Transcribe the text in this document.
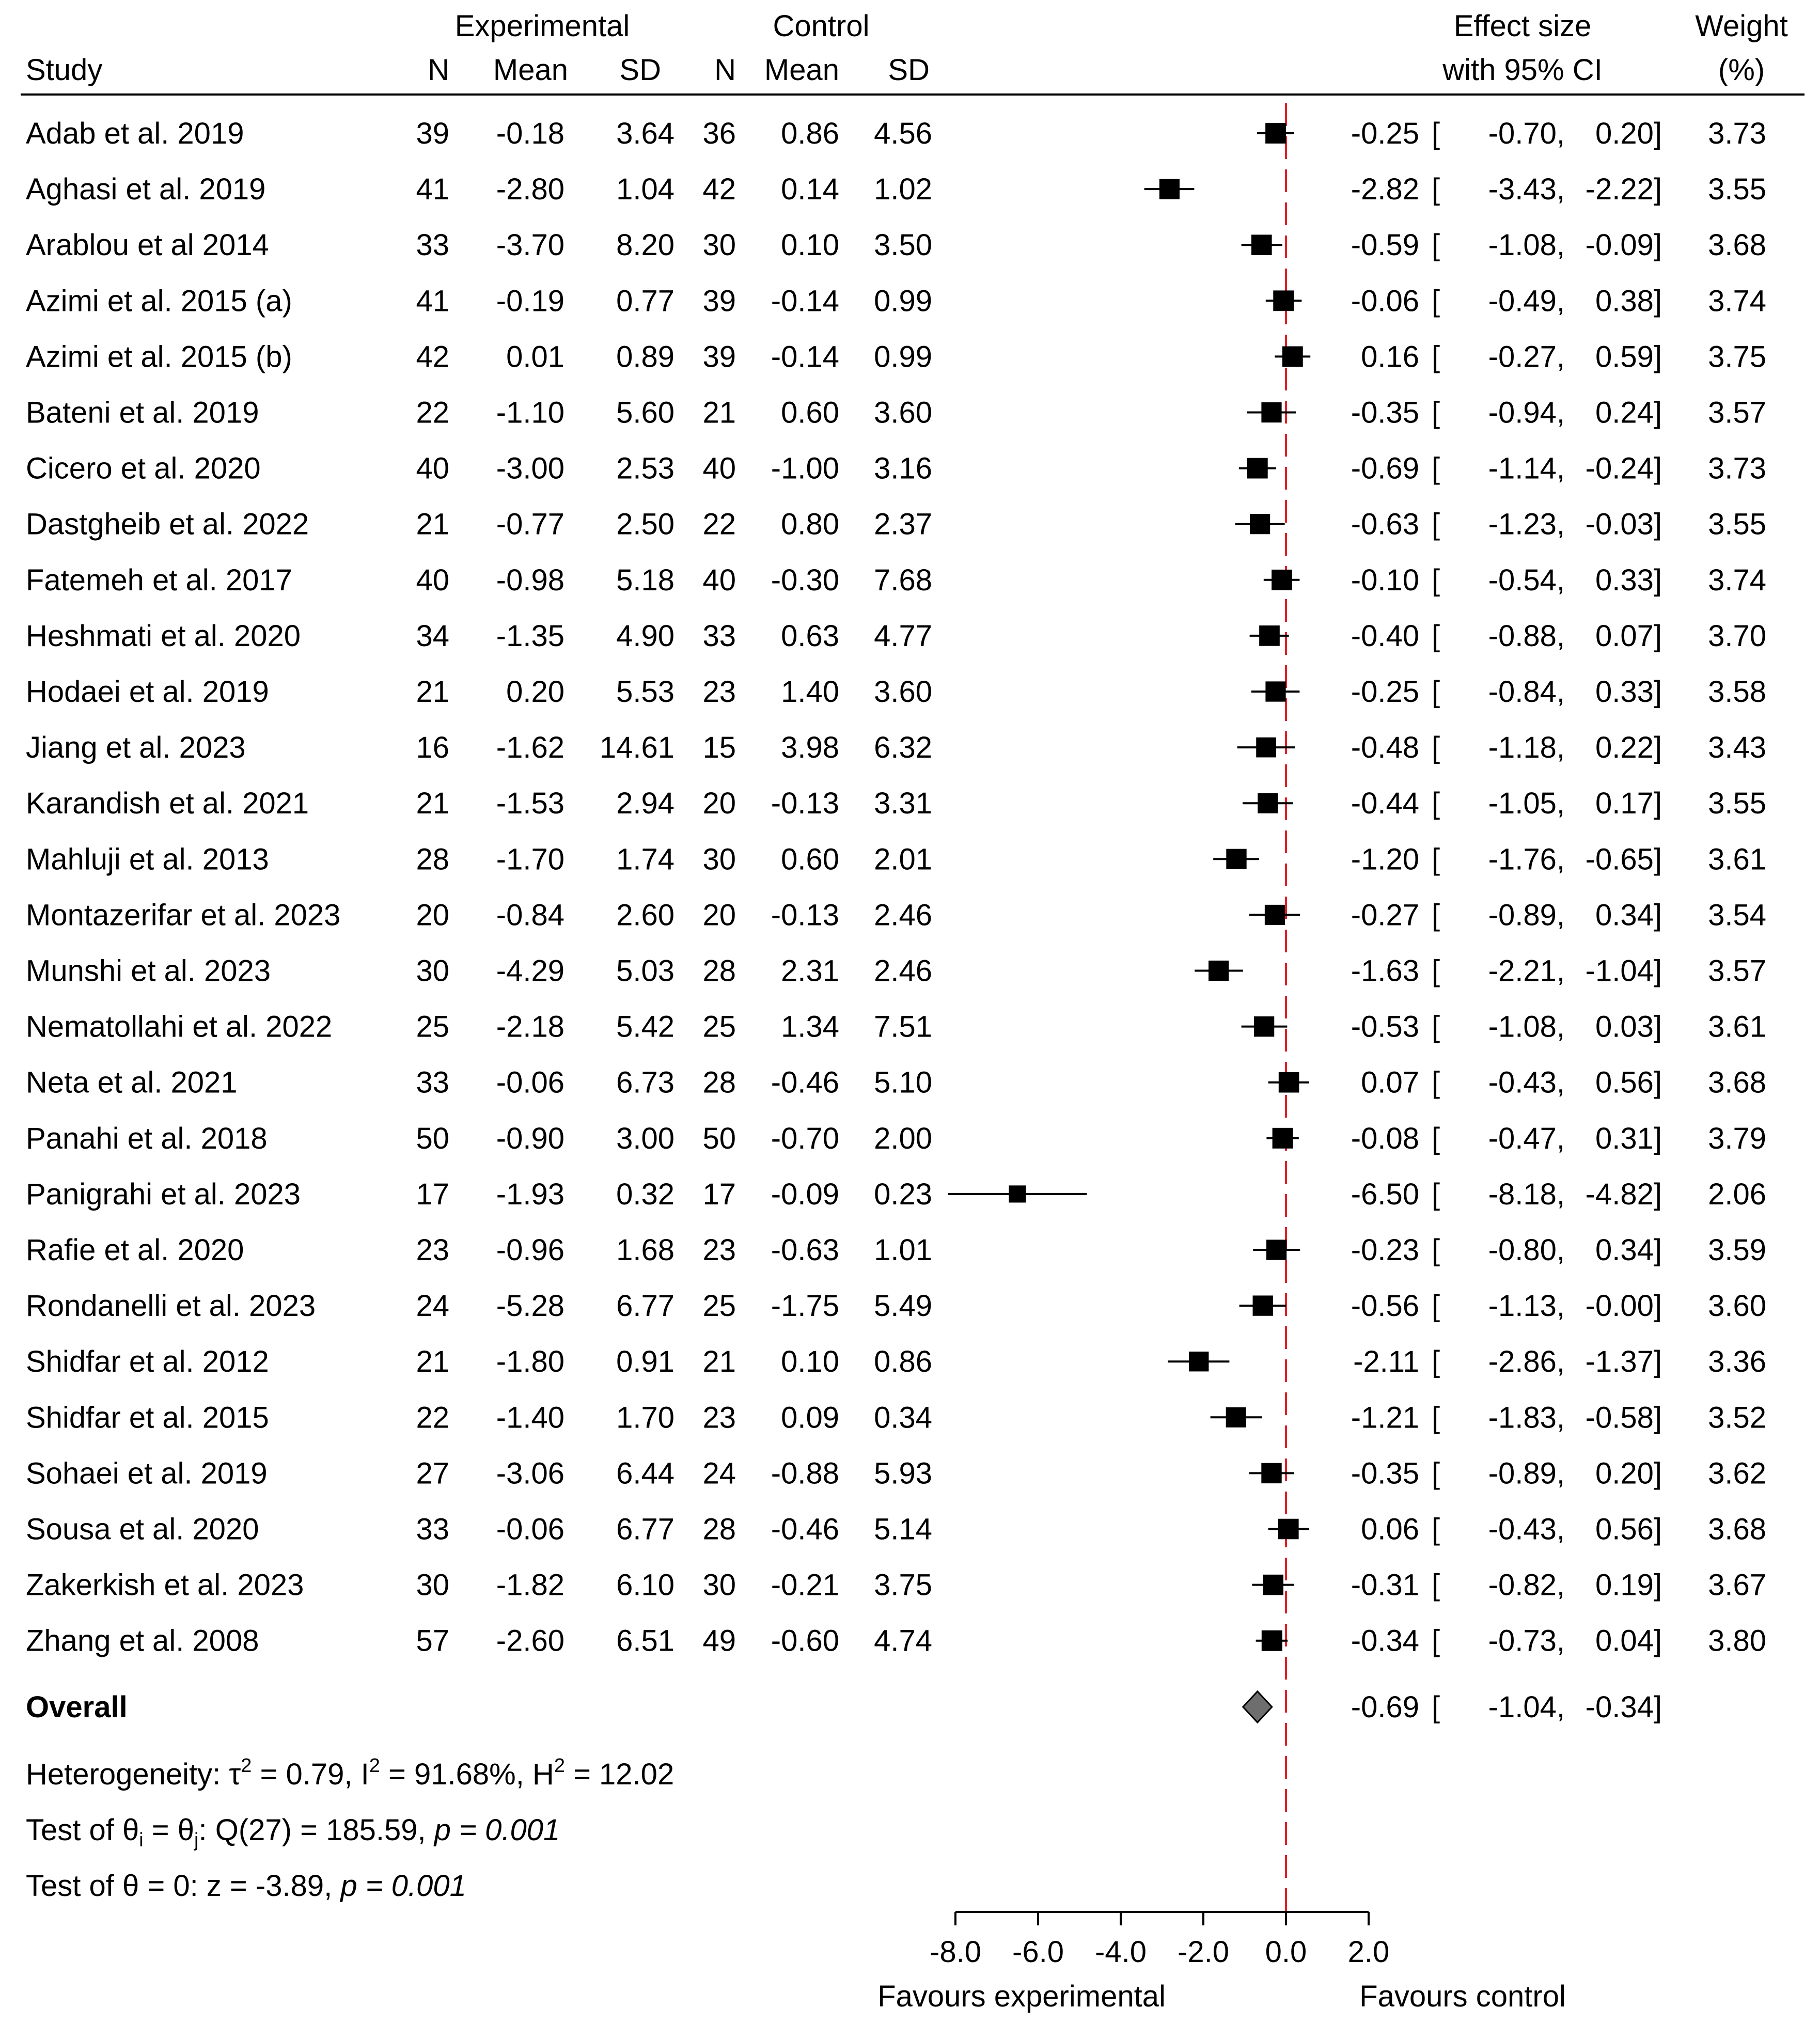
Experimental	Control	Effect size	Weight
Study	N Mean SD N Mean SD	with 95% CI	(%)
Adab et al. 2019	39 -0.18 3.64 36 0.86 4.56	-0.25 [ -0.70, 0.20] 3.73
Aghasi et al. 2019	41 -2.80 1.04 42 0.14 1.02	-2.82 [ -3.43, -2.22] 3.55
Arablou et al 2014	33 -3.70 8.20 30 0.10 3.50	-0.59 [ -1.08, -0.09] 3.68
Azimi et al. 2015 (a)	41 -0.19 0.77 39 -0.14 0.99	-0.06 [ -0.49, 0.38] 3.74
Azimi et al. 2015 (b)	42 0.01 0.89 39 -0.14 0.99	0.16 [ -0.27, 0.59] 3.75
Bateni et al. 2019	22 -1.10 5.60 21 0.60 3.60	-0.35 [ -0.94, 0.24] 3.57
Cicero et al. 2020	40 -3.00 2.53 40 -1.00 3.16	-0.69 [ -1.14, -0.24] 3.73
Dastgheib et al. 2022	21 -0.77 2.50 22 0.80 2.37	-0.63 [ -1.23, -0.03] 3.55
Fatemeh et al. 2017	40 -0.98 5.18 40 -0.30 7.68	-0.10 [ -0.54, 0.33] 3.74
Heshmati et al. 2020	34 -1.35 4.90 33 0.63 4.77	-0.40 [ -0.88, 0.07] 3.70
Hodaei et al. 2019	21 0.20 5.53 23 1.40 3.60	-0.25 [ -0.84, 0.33] 3.58
Jiang et al. 2023	16 -1.62 14.61 15 3.98 6.32	-0.48 [ -1.18, 0.22] 3.43
Karandish et al. 2021	21 -1.53 2.94 20 -0.13 3.31	-0.44 [ -1.05, 0.17] 3.55
Mahluji et al. 2013	28 -1.70 1.74 30 0.60 2.01	-1.20 [ -1.76, -0.65] 3.61
Montazerifar et al. 2023	20 -0.84 2.60 20 -0.13 2.46	-0.27 [ -0.89, 0.34] 3.54
Munshi et al. 2023	30 -4.29 5.03 28 2.31 2.46	-1.63 [ -2.21, -1.04] 3.57
Nematollahi et al. 2022	25 -2.18 5.42 25 1.34 7.51	-0.53 [ -1.08, 0.03] 3.61
Neta et al. 2021	33 -0.06 6.73 28 -0.46 5.10	0.07 [ -0.43, 0.56] 3.68
Panahi et al. 2018	50 -0.90 3.00 50 -0.70 2.00	-0.08 [ -0.47, 0.31] 3.79
Panigrahi et al. 2023	17 -1.93 0.32 17 -0.09 0.23	-6.50 [ -8.18, -4.82] 2.06
Rafie et al. 2020	23 -0.96 1.68 23 -0.63 1.01	-0.23 [ -0.80, 0.34] 3.59
Rondanelli et al. 2023	24 -5.28 6.77 25 -1.75 5.49	-0.56 [ -1.13, -0.00] 3.60
Shidfar et al. 2012	21 -1.80 0.91 21 0.10 0.86	-2.11 [ -2.86, -1.37] 3.36
Shidfar et al. 2015	22 -1.40 1.70 23 0.09 0.34	-1.21 [ -1.83, -0.58] 3.52
Sohaei et al. 2019	27 -3.06 6.44 24 -0.88 5.93	-0.35 [ -0.89, 0.20] 3.62
Sousa et al. 2020	33 -0.06 6.77 28 -0.46 5.14	0.06 [ -0.43, 0.56] 3.68
Zakerkish et al. 2023	30 -1.82 6.10 30 -0.21 3.75	-0.31 [ -0.82, 0.19] 3.67
Zhang et al. 2008	57 -2.60 6.51 49 -0.60 4.74	-0.34 [ -0.73, 0.04] 3.80
Overall	-0.69 [ -1.04, -0.34]
-8.0 -6.0 -4.0 -2.0 0.0 2.0
Heterogeneity: $\tau^2 = 0.79$, $I^2 = 91.68\%$, $H^2 = 12.02$
Test of $\theta_i = \theta_j$: Q(27) = 185.59, p = 0.001
Test of θ = 0: z = -3.89, p = 0.001
Favours experimental	Favours control
